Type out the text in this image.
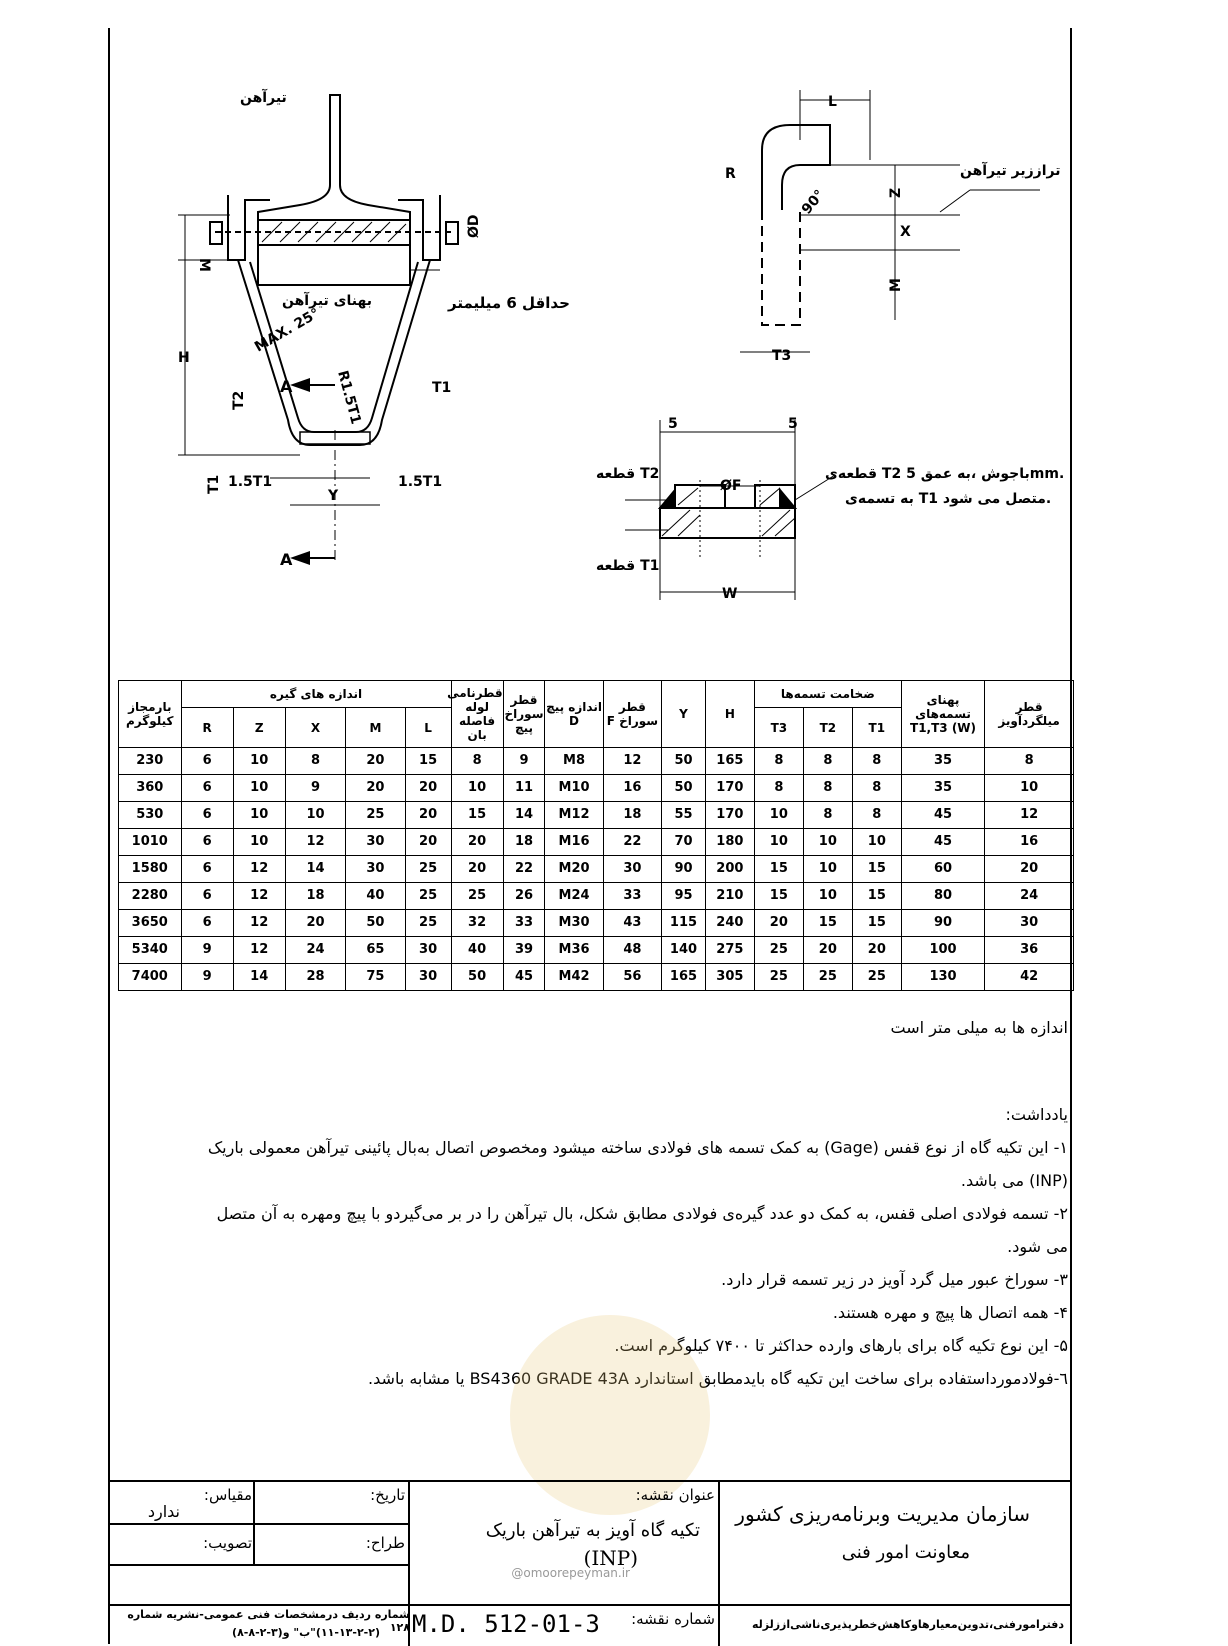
تیرآهن
بهنای تیرآهن	حداقل 6 میلیمتر
تراززیر تیرآهن
MAX. 25°
R1.5T1	T1
T2
H
M
ØD
A
A
1.5T1	1.5T1
Y
T1
L
R
90°	Z
X
M
T3
5	5
ØF
W
قطعه T2
قطعه T1
قطعه‌ی T2 باجوش ،به عمق 5mm.
به تسمه‌ی T1 متصل می شود.
بارمجاز کیلوگرم	اندازه های گیره					قطرنامی لوله فاصله بان	قطر سوراخ پیچ	اندازه پیچ D	قطر سوراخ F	Y	H	ضخامت تسمه‌ها			پهنای تسمه‌های T1,T3 (W)	قطر میلگردآویز
	R	Z	X	M	L							T3	T2	T1		
230	6	10	8	20	15	8	9	M8	12	50	165	8	8	8	35	8
360	6	10	9	20	20	10	11	M10	16	50	170	8	8	8	35	10
530	6	10	10	25	20	15	14	M12	18	55	170	10	8	8	45	12
1010	6	10	12	30	20	20	18	M16	22	70	180	10	10	10	45	16
1580	6	12	14	30	25	20	22	M20	30	90	200	15	10	15	60	20
2280	6	12	18	40	25	25	26	M24	33	95	210	15	10	15	80	24
3650	6	12	20	50	25	32	33	M30	43	115	240	20	15	15	90	30
5340	9	12	24	65	30	40	39	M36	48	140	275	25	20	20	100	36
7400	9	14	28	75	30	50	45	M42	56	165	305	25	25	25	130	42
اندازه ها به میلی متر است

یادداشت:

١- این تکیه گاه از نوع قفس (Gage) به کمک تسمه های فولادی ساخته میشود ومخصوص اتصال به‌بال پائینی تیرآهن معمولی باریک (INP) می باشد.

٢- تسمه فولادی اصلی قفس، به کمک دو عدد گیره‌ی فولادی مطابق شکل، بال تیرآهن را در بر می‌گیردو با پیچ ومهره به آن متصل می شود.

٣- سوراخ عبور میل گرد آویز در زیر تسمه قرار دارد.

۴- همه اتصال ها پیچ و مهره هستند.

۵- این نوع تکیه گاه برای بارهای وارده حداکثر تا ٧۴٠٠ کیلوگرم است.

٦-فولادمورداستفاده برای ساخت این تکیه گاه بایدمطابق استاندارد BS4360 GRADE 43A یا مشابه باشد.

مقیاس:
ندارد
تاریخ:
تصویب:	طراح:
عنوان نقشه:
تکیه گاه آویز به تیرآهن باریک
(INP)
@omoorepeyman.ir
سازمان مدیریت وبرنامه‌ریزی کشور
معاونت امور فنی
دفترامورفنی،تدوین‌معیارهاوکاهش‌خطرپذیری‌ناشی‌اززلزله
شماره ردیف درمشخصات فنی عمومی-نشریه شماره ١٢٨
(٢-٢-١٣-١١)"ب" و(٣-٢-٨-٨)
شماره نقشه:
M.D. 512-01-3
